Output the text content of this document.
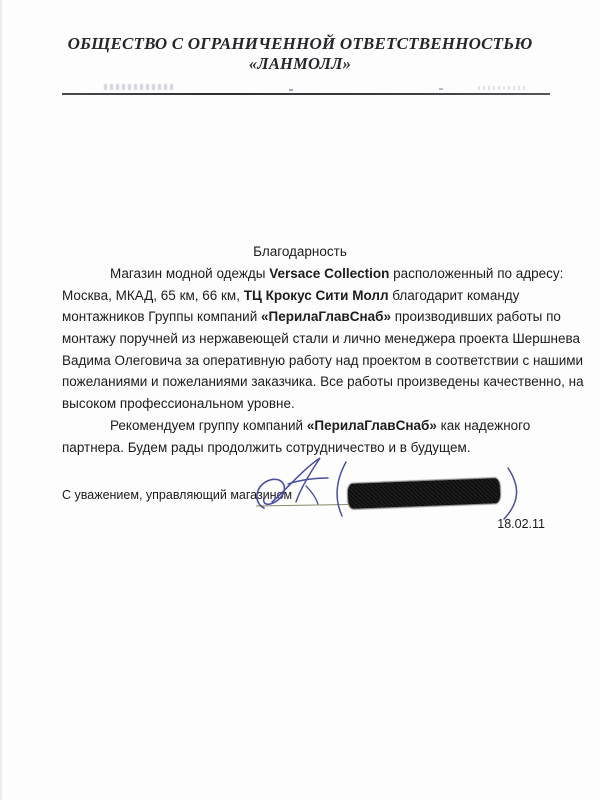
ОБЩЕСТВО С ОГРАНИЧЕННОЙ ОТВЕТСТВЕННОСТЬЮ
«ЛАНМОЛЛ»
Благодарность
Магазин модной одежды Versace Collection расположенный по адресу:
Москва, МКАД, 65 км, 66 км, ТЦ Крокус Сити Молл благодарит команду
монтажников Группы компаний «ПерилаГлавСнаб» производивших работы по
монтажу поручней из нержавеющей стали и лично менеджера проекта Шершнева
Вадима Олеговича за оперативную работу над проектом в соответствии с нашими
пожеланиями и пожеланиями заказчика. Все работы произведены качественно, на
высоком профессиональном уровне.
Рекомендуем группу компаний «ПерилаГлавСнаб» как надежного
партнера. Будем рады продолжить сотрудничество и в будущем.
С уважением, управляющий магазином
18.02.11
